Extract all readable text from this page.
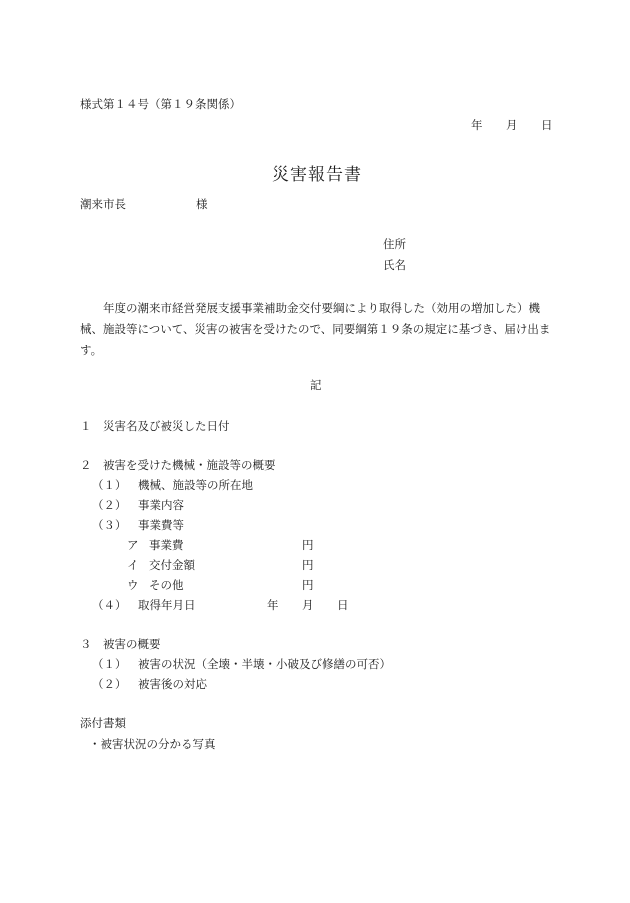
様式第１４号（第１９条関係）
年 月 日
災害報告書
潮来市長	様
住所
氏名

年度の潮来市経営発展支援事業補助金交付要綱により取得した（効用の増加した）機械、施設等について、災害の被害を受けたので、同要綱第１９条の規定に基づき、届け出ます。

記
１ 災害名及び被災した日付
２ 被害を受けた機械・施設等の概要
（１） 機械、施設等の所在地
（２） 事業内容
（３） 事業費等
ア 事業費	円
イ 交付金額	円
ウ その他	円
（４） 取得年月日	年 月 日
３ 被害の概要
（１） 被害の状況（全壊・半壊・小破及び修繕の可否）
（２） 被害後の対応
添付書類
・被害状況の分かる写真
